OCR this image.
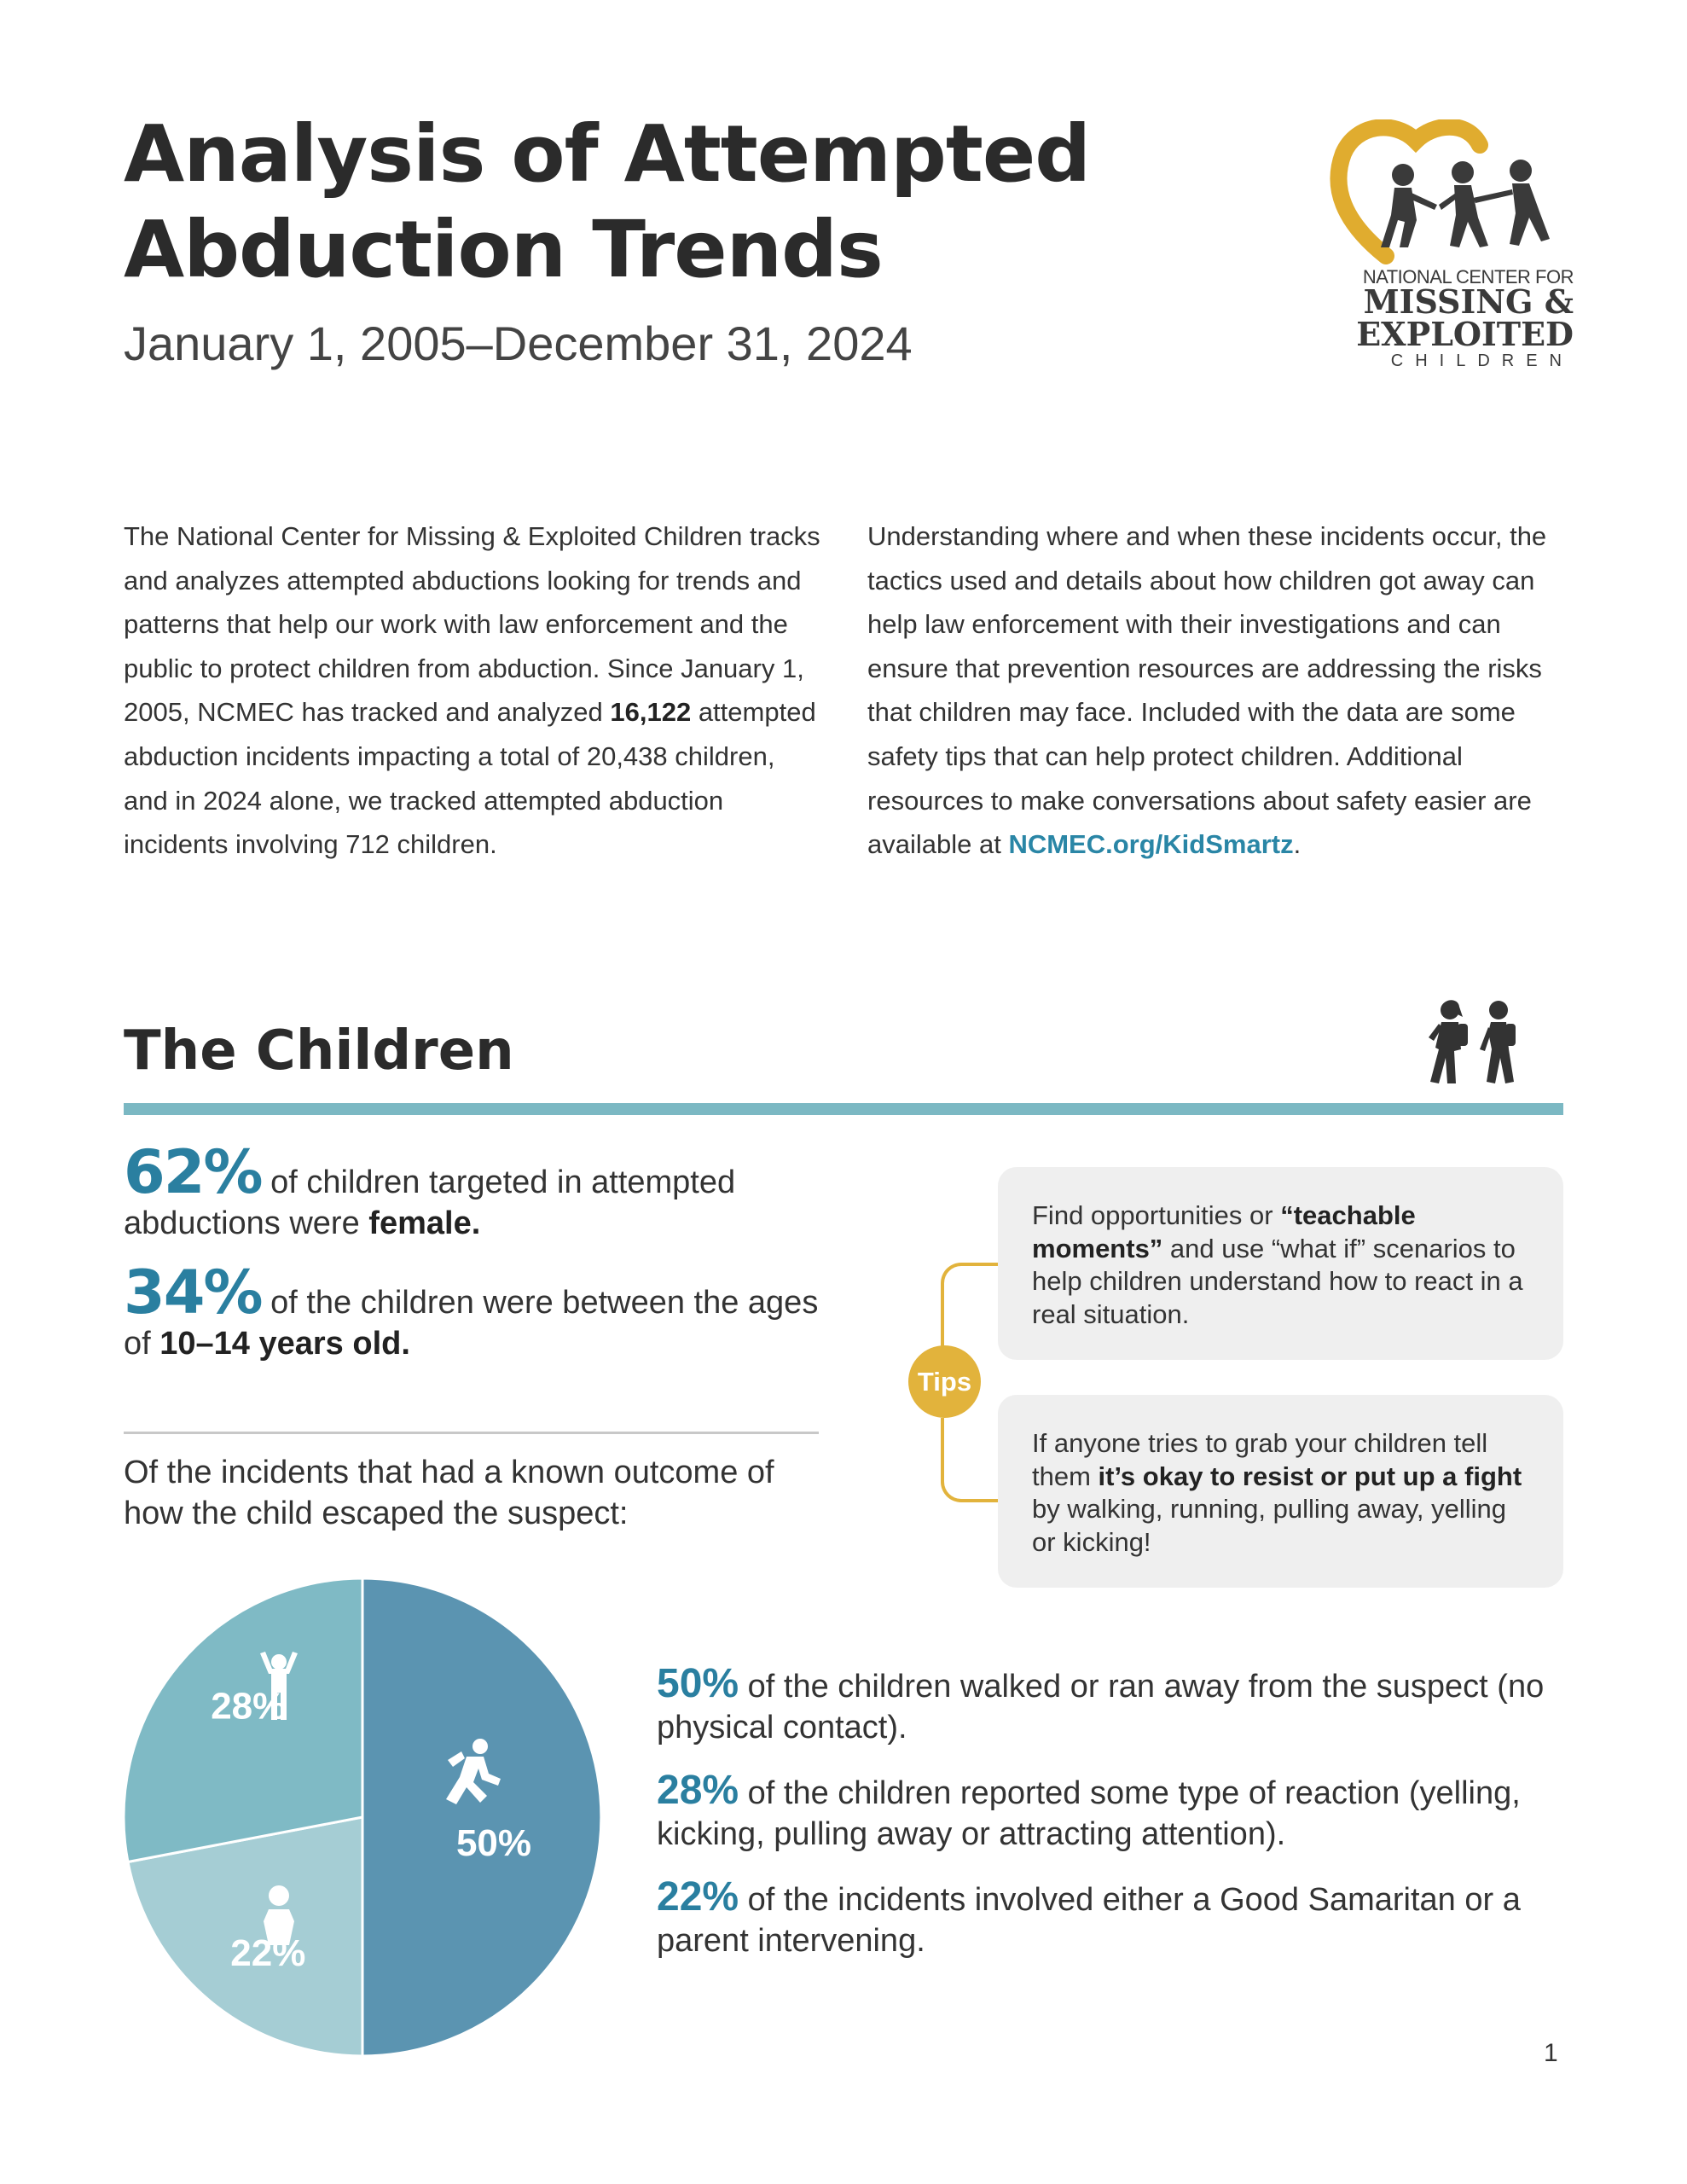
Analysis of Attempted
Abduction Trends

January 1, 2005–December 31, 2024

NATIONAL CENTER FOR
MISSING &
EXPLOITED
CHILDREN

The National Center for Missing & Exploited Children tracks and analyzes attempted abductions looking for trends and patterns that help our work with law enforcement and the public to protect children from abduction. Since January 1, 2005, NCMEC has tracked and analyzed 16,122 attempted abduction incidents impacting a total of 20,438 children, and in 2024 alone, we tracked attempted abduction incidents involving 712 children.

Understanding where and when these incidents occur, the tactics used and details about how children got away can help law enforcement with their investigations and can ensure that prevention resources are addressing the risks that children may face. Included with the data are some safety tips that can help protect children. Additional resources to make conversations about safety easier are available at NCMEC.org/KidSmartz.

The Children

62% of children targeted in attempted abductions were female.

34% of the children were between the ages of 10–14 years old.

Of the incidents that had a known outcome of how the child escaped the suspect:

Tips
Find opportunities or “teachable moments” and use “what if” scenarios to help children understand how to react in a real situation.
If anyone tries to grab your children tell them it’s okay to resist or put up a fight by walking, running, pulling away, yelling or kicking!
50%
22%
28%	50% of the children walked or ran away from the suspect (no physical contact).

28% of the children reported some type of reaction (yelling, kicking, pulling away or attracting attention).

22% of the incidents involved either a Good Samaritan or a parent intervening.

1
